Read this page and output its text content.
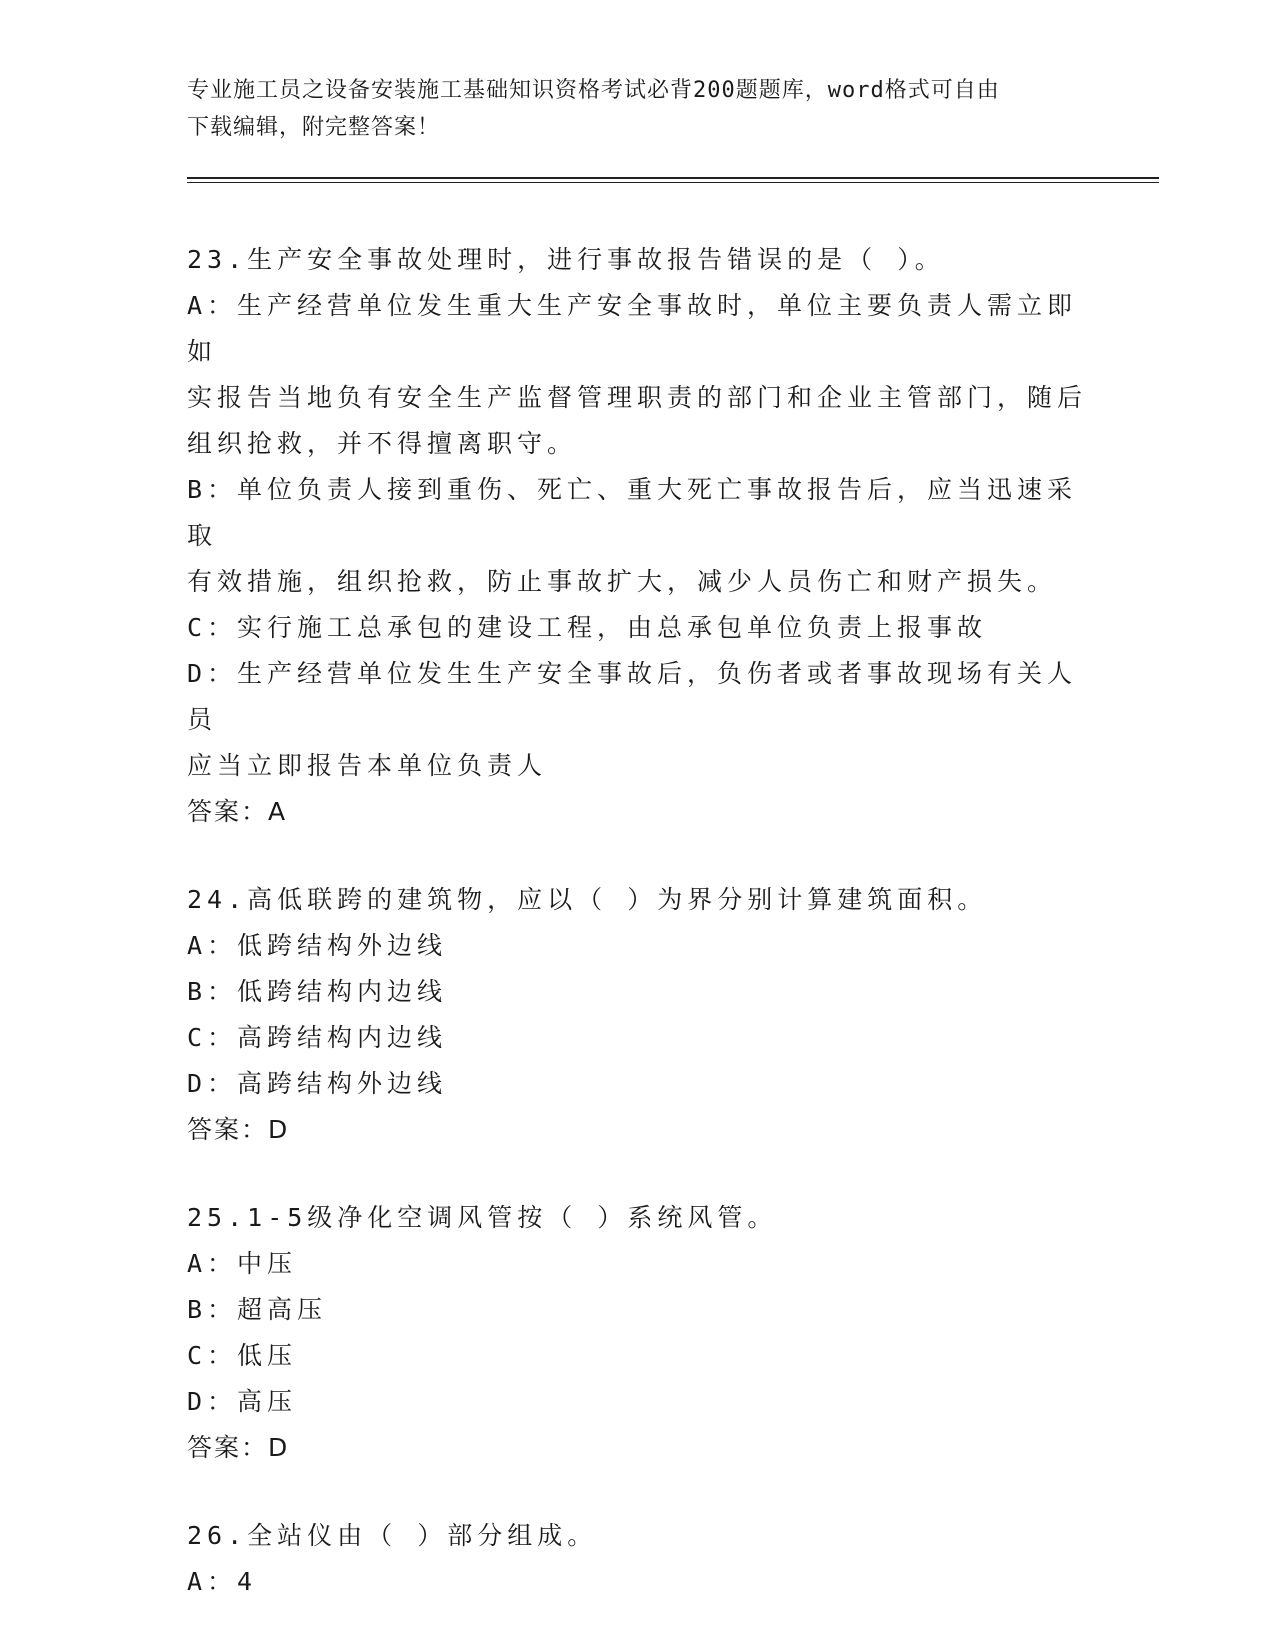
专业施工员之设备安装施工基础知识资格考试必背200题题库，word格式可自由
下载编辑，附完整答案！
23.生产安全事故处理时，进行事故报告错误的是（ ）。
A：生产经营单位发生重大生产安全事故时，单位主要负责人需立即如
实报告当地负有安全生产监督管理职责的部门和企业主管部门，随后
组织抢救，并不得擅离职守。
B：单位负责人接到重伤、死亡、重大死亡事故报告后，应当迅速采取
有效措施，组织抢救，防止事故扩大，减少人员伤亡和财产损失。
C：实行施工总承包的建设工程，由总承包单位负责上报事故
D：生产经营单位发生生产安全事故后，负伤者或者事故现场有关人员
应当立即报告本单位负责人
答案：A
24.高低联跨的建筑物，应以（ ）为界分别计算建筑面积。
A：低跨结构外边线
B：低跨结构内边线
C：高跨结构内边线
D：高跨结构外边线
答案：D
25.1-5级净化空调风管按（ ）系统风管。
A：中压
B：超高压
C：低压
D：高压
答案：D
26.全站仪由（ ）部分组成。
A：4
